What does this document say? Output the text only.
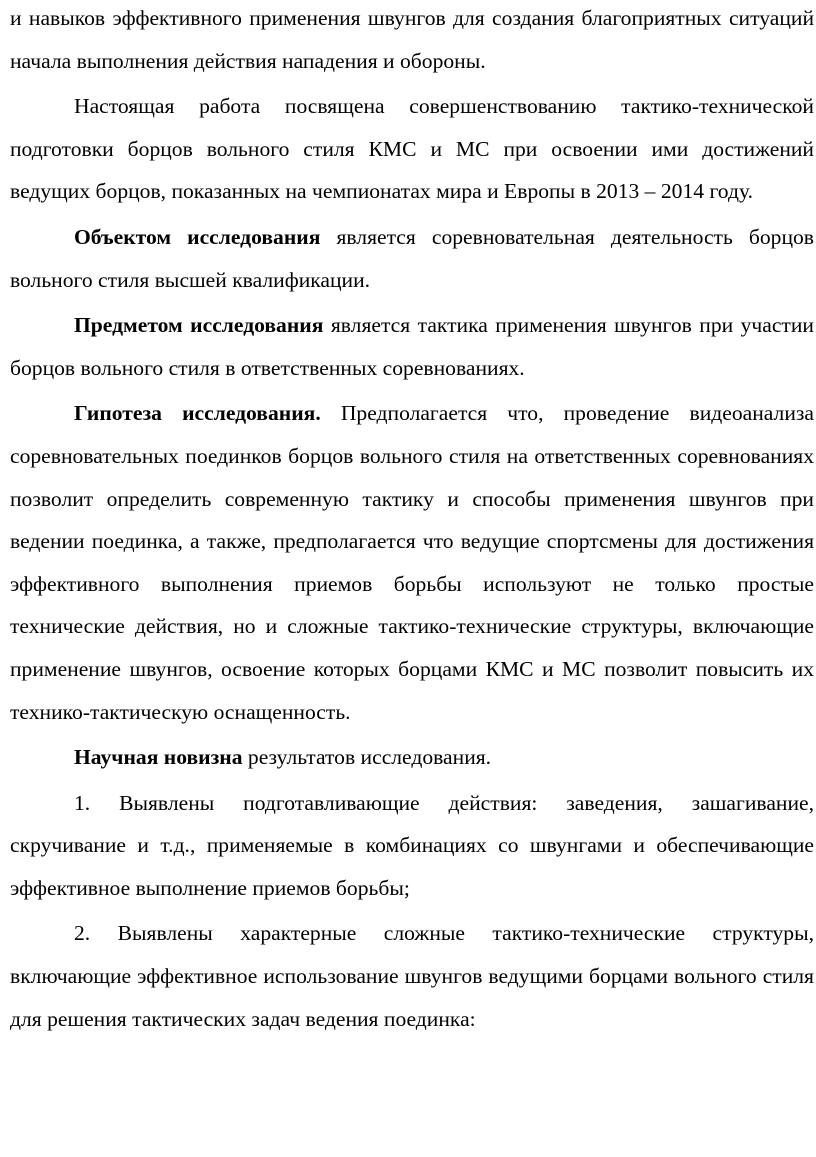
и навыков эффективного применения швунгов для создания благоприятных ситуаций начала выполнения действия нападения и обороны.

Настоящая работа посвящена совершенствованию тактико-технической подготовки борцов вольного стиля КМС и МС при освоении ими достижений ведущих борцов, показанных на чемпионатах мира и Европы в 2013 – 2014 году.

Объектом исследования является соревновательная деятельность борцов вольного стиля высшей квалификации.

Предметом исследования является тактика применения швунгов при участии борцов вольного стиля в ответственных соревнованиях.

Гипотеза исследования. Предполагается что, проведение видеоанализа соревновательных поединков борцов вольного стиля на ответственных соревнованиях позволит определить современную тактику и способы применения швунгов при ведении поединка, а также, предполагается что ведущие спортсмены для достижения эффективного выполнения приемов борьбы используют не только простые технические действия, но и сложные тактико-технические структуры, включающие применение швунгов, освоение которых борцами КМС и МС позволит повысить их технико-тактическую оснащенность.

Научная новизна результатов исследования.

1. Выявлены подготавливающие действия: заведения, зашагивание, скручивание и т.д., применяемые в комбинациях со швунгами и обеспечивающие эффективное выполнение приемов борьбы;

2. Выявлены характерные сложные тактико-технические структуры, включающие эффективное использование швунгов ведущими борцами вольного стиля для решения тактических задач ведения поединка:
